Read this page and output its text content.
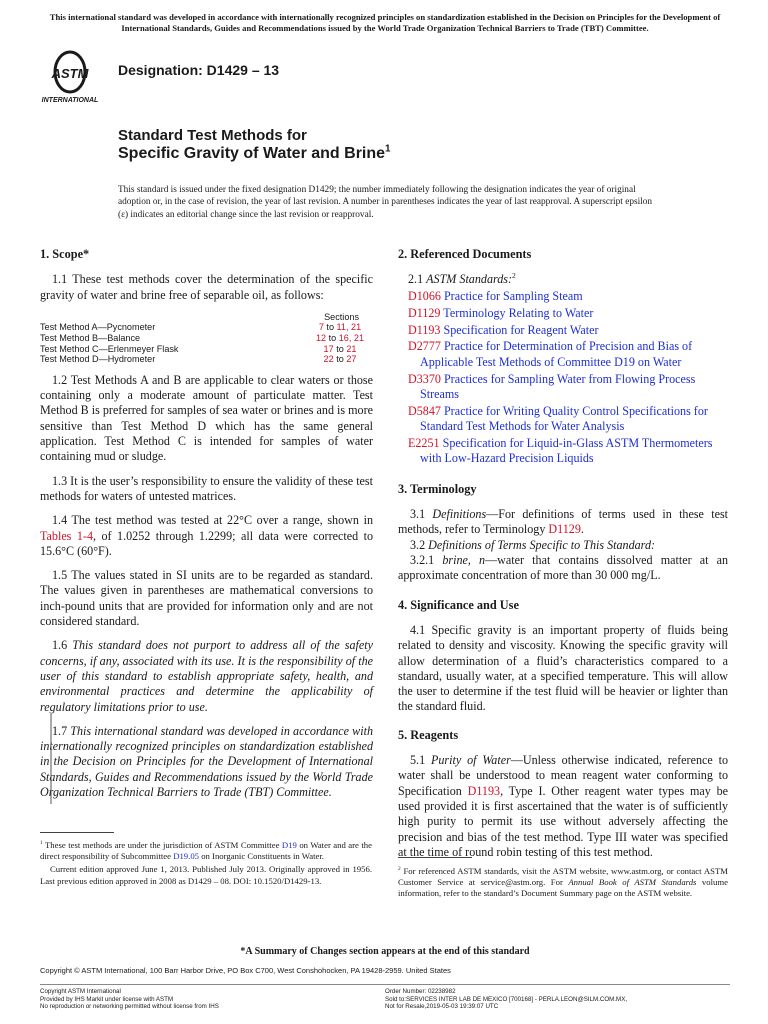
This international standard was developed in accordance with internationally recognized principles on standardization established in the Decision on Principles for the Development of International Standards, Guides and Recommendations issued by the World Trade Organization Technical Barriers to Trade (TBT) Committee.
ASTM
INTERNATIONAL
Designation: D1429 – 13
Standard Test Methods for
Specific Gravity of Water and Brine$^1$
This standard is issued under the fixed designation D1429; the number immediately following the designation indicates the year of original adoption or, in the case of revision, the year of last revision. A number in parentheses indicates the year of last reapproval. A superscript epsilon (ε) indicates an editorial change since the last revision or reapproval.
1. Scope*

1.1 These test methods cover the determination of the specific gravity of water and brine free of separable oil, as follows:

Sections
Test Method A—Pycnometer	7 to 11, 21
Test Method B—Balance	12 to 16, 21
Test Method C—Erlenmeyer Flask	17 to 21
Test Method D—Hydrometer	22 to 27

1.2 Test Methods A and B are applicable to clear waters or those containing only a moderate amount of particulate matter. Test Method B is preferred for samples of sea water or brines and is more sensitive than Test Method D which has the same general application. Test Method C is intended for samples of water containing mud or sludge.

1.3 It is the user’s responsibility to ensure the validity of these test methods for waters of untested matrices.

1.4 The test method was tested at 22°C over a range, shown in Tables 1-4, of 1.0252 through 1.2299; all data were corrected to 15.6°C (60°F).

1.5 The values stated in SI units are to be regarded as standard. The values given in parentheses are mathematical conversions to inch-pound units that are provided for information only and are not considered standard.

1.6 This standard does not purport to address all of the safety concerns, if any, associated with its use. It is the responsibility of the user of this standard to establish appropriate safety, health, and environmental practices and determine the applicability of regulatory limitations prior to use.

1.7 This international standard was developed in accordance with internationally recognized principles on standardization established in the Decision on Principles for the Development of International Standards, Guides and Recommendations issued by the World Trade Organization Technical Barriers to Trade (TBT) Committee.

2. Referenced Documents
2.1 ASTM Standards:$^2$
D1066 Practice for Sampling Steam
D1129 Terminology Relating to Water
D1193 Specification for Reagent Water
D2777 Practice for Determination of Precision and Bias of Applicable Test Methods of Committee D19 on Water
D3370 Practices for Sampling Water from Flowing Process Streams
D5847 Practice for Writing Quality Control Specifications for Standard Test Methods for Water Analysis
E2251 Specification for Liquid-in-Glass ASTM Thermometers with Low-Hazard Precision Liquids
3. Terminology

3.1 Definitions—For definitions of terms used in these test methods, refer to Terminology D1129.

3.2 Definitions of Terms Specific to This Standard:

3.2.1 brine, n—water that contains dissolved matter at an approximate concentration of more than 30 000 mg/L.

4. Significance and Use

4.1 Specific gravity is an important property of fluids being related to density and viscosity. Knowing the specific gravity will allow determination of a fluid’s characteristics compared to a standard, usually water, at a specified temperature. This will allow the user to determine if the test fluid will be heavier or lighter than the standard fluid.

5. Reagents

5.1 Purity of Water—Unless otherwise indicated, reference to water shall be understood to mean reagent water conforming to Specification D1193, Type I. Other reagent water types may be used provided it is first ascertained that the water is of sufficiently high purity to permit its use without adversely affecting the precision and bias of the test method. Type III water was specified at the time of round robin testing of this test method.

$^1$ These test methods are under the jurisdiction of ASTM Committee D19 on Water and are the direct responsibility of Subcommittee D19.05 on Inorganic Constituents in Water.

Current edition approved June 1, 2013. Published July 2013. Originally approved in 1956. Last previous edition approved in 2008 as D1429 – 08. DOI: 10.1520/D1429-13.

$^2$ For referenced ASTM standards, visit the ASTM website, www.astm.org, or contact ASTM Customer Service at service@astm.org. For Annual Book of ASTM Standards volume information, refer to the standard’s Document Summary page on the ASTM website.

*A Summary of Changes section appears at the end of this standard
Copyright © ASTM International, 100 Barr Harbor Drive, PO Box C700, West Conshohocken, PA 19428-2959. United States
Copyright ASTM International
Provided by IHS Markit under license with ASTM
No reproduction or networking permitted without license from IHS
Order Number: 02238982
Sold to:SERVICES INTER LAB DE MEXICO [700168] - PERLA.LEON@SILM.COM.MX,
Not for Resale,2019-05-03 19:39:07 UTC
